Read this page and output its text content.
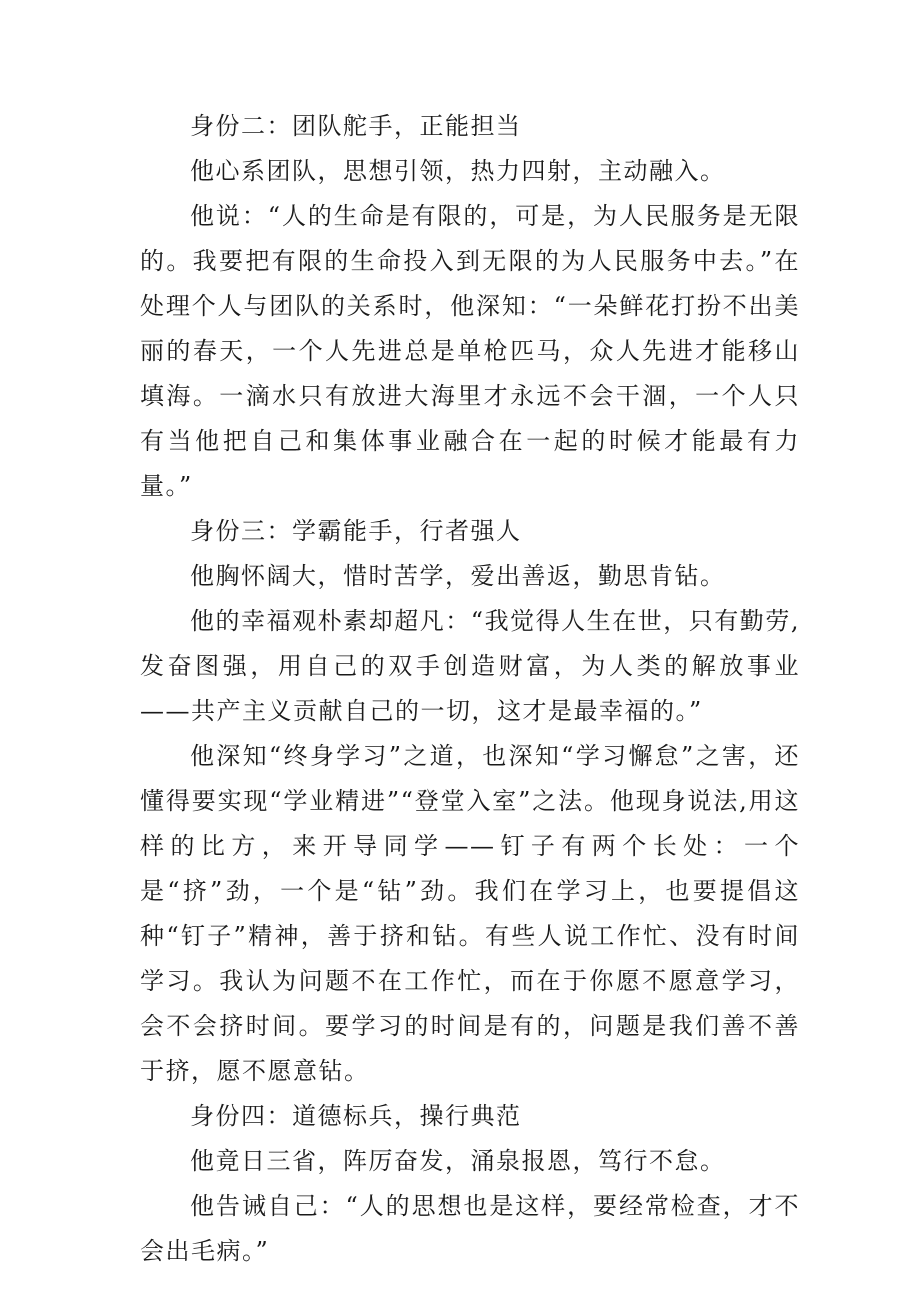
身份二：团队舵手，正能担当

他心系团队，思想引领，热力四射，主动融入。

他说：“人的生命是有限的，可是，为人民服务是无限的。我要把有限的生命投入到无限的为人民服务中去。”在处理个人与团队的关系时，他深知：“一朵鲜花打扮不出美丽的春天，一个人先进总是单枪匹马，众人先进才能移山填海。一滴水只有放进大海里才永远不会干涸，一个人只有当他把自己和集体事业融合在一起的时候才能最有力量。”

身份三：学霸能手，行者强人

他胸怀阔大，惜时苦学，爱出善返，勤思肯钻。

他的幸福观朴素却超凡：“我觉得人生在世，只有勤劳,发奋图强，用自己的双手创造财富，为人类的解放事业——共产主义贡献自己的一切，这才是最幸福的。”

他深知“终身学习”之道，也深知“学习懈怠”之害，还懂得要实现“学业精进”“登堂入室”之法。他现身说法,用这样的比方，来开导同学——钉子有两个长处：一个是“挤”劲，一个是“钻”劲。我们在学习上，也要提倡这种“钉子”精神，善于挤和钻。有些人说工作忙、没有时间学习。我认为问题不在工作忙，而在于你愿不愿意学习，会不会挤时间。要学习的时间是有的，问题是我们善不善于挤，愿不愿意钻。

身份四：道德标兵，操行典范

他竟日三省，阵厉奋发，涌泉报恩，笃行不怠。

他告诫自己：“人的思想也是这样，要经常检查，才不会出毛病。”
